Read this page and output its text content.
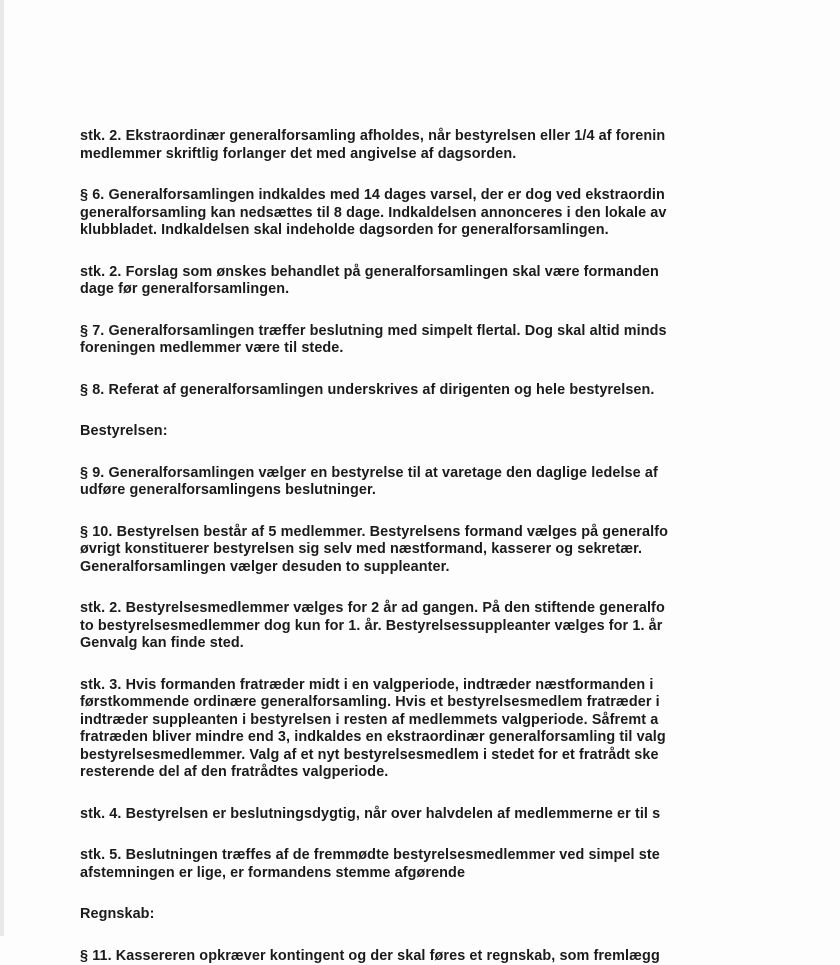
stk. 2. Ekstraordinær generalforsamling afholdes, når bestyrelsen eller 1/4 af forenin
medlemmer skriftlig forlanger det med angivelse af dagsorden.

§ 6. Generalforsamlingen indkaldes med 14 dages varsel, der er dog ved ekstraordin
generalforsamling kan nedsættes til 8 dage. Indkaldelsen annonceres i den lokale av
klubbladet. Indkaldelsen skal indeholde dagsorden for generalforsamlingen.

stk. 2. Forslag som ønskes behandlet på generalforsamlingen skal være formanden
dage før generalforsamlingen.

§ 7. Generalforsamlingen træffer beslutning med simpelt flertal. Dog skal altid minds
foreningen medlemmer være til stede.

§ 8. Referat af generalforsamlingen underskrives af dirigenten og hele bestyrelsen.

Bestyrelsen:

§ 9. Generalforsamlingen vælger en bestyrelse til at varetage den daglige ledelse af
udføre generalforsamlingens beslutninger.

§ 10. Bestyrelsen består af 5 medlemmer. Bestyrelsens formand vælges på generalfo
øvrigt konstituerer bestyrelsen sig selv med næstformand, kasserer og sekretær.
Generalforsamlingen vælger desuden to suppleanter.

stk. 2. Bestyrelsesmedlemmer vælges for 2 år ad gangen. På den stiftende generalfo
to bestyrelsesmedlemmer dog kun for 1. år. Bestyrelsessuppleanter vælges for 1. år
Genvalg kan finde sted.

stk. 3. Hvis formanden fratræder midt i en valgperiode, indtræder næstformanden i
førstkommende ordinære generalforsamling. Hvis et bestyrelsesmedlem fratræder i
indtræder suppleanten i bestyrelsen i resten af medlemmets valgperiode. Såfremt a
fratræden bliver mindre end 3, indkaldes en ekstraordinær generalforsamling til valg
bestyrelsesmedlemmer. Valg af et nyt bestyrelsesmedlem i stedet for et fratrådt ske
resterende del af den fratrådtes valgperiode.

stk. 4. Bestyrelsen er beslutningsdygtig, når over halvdelen af medlemmerne er til s

stk. 5. Beslutningen træffes af de fremmødte bestyrelsesmedlemmer ved simpel ste
afstemningen er lige, er formandens stemme afgørende

Regnskab:

§ 11. Kassereren opkræver kontingent og der skal føres et regnskab, som fremlægg
